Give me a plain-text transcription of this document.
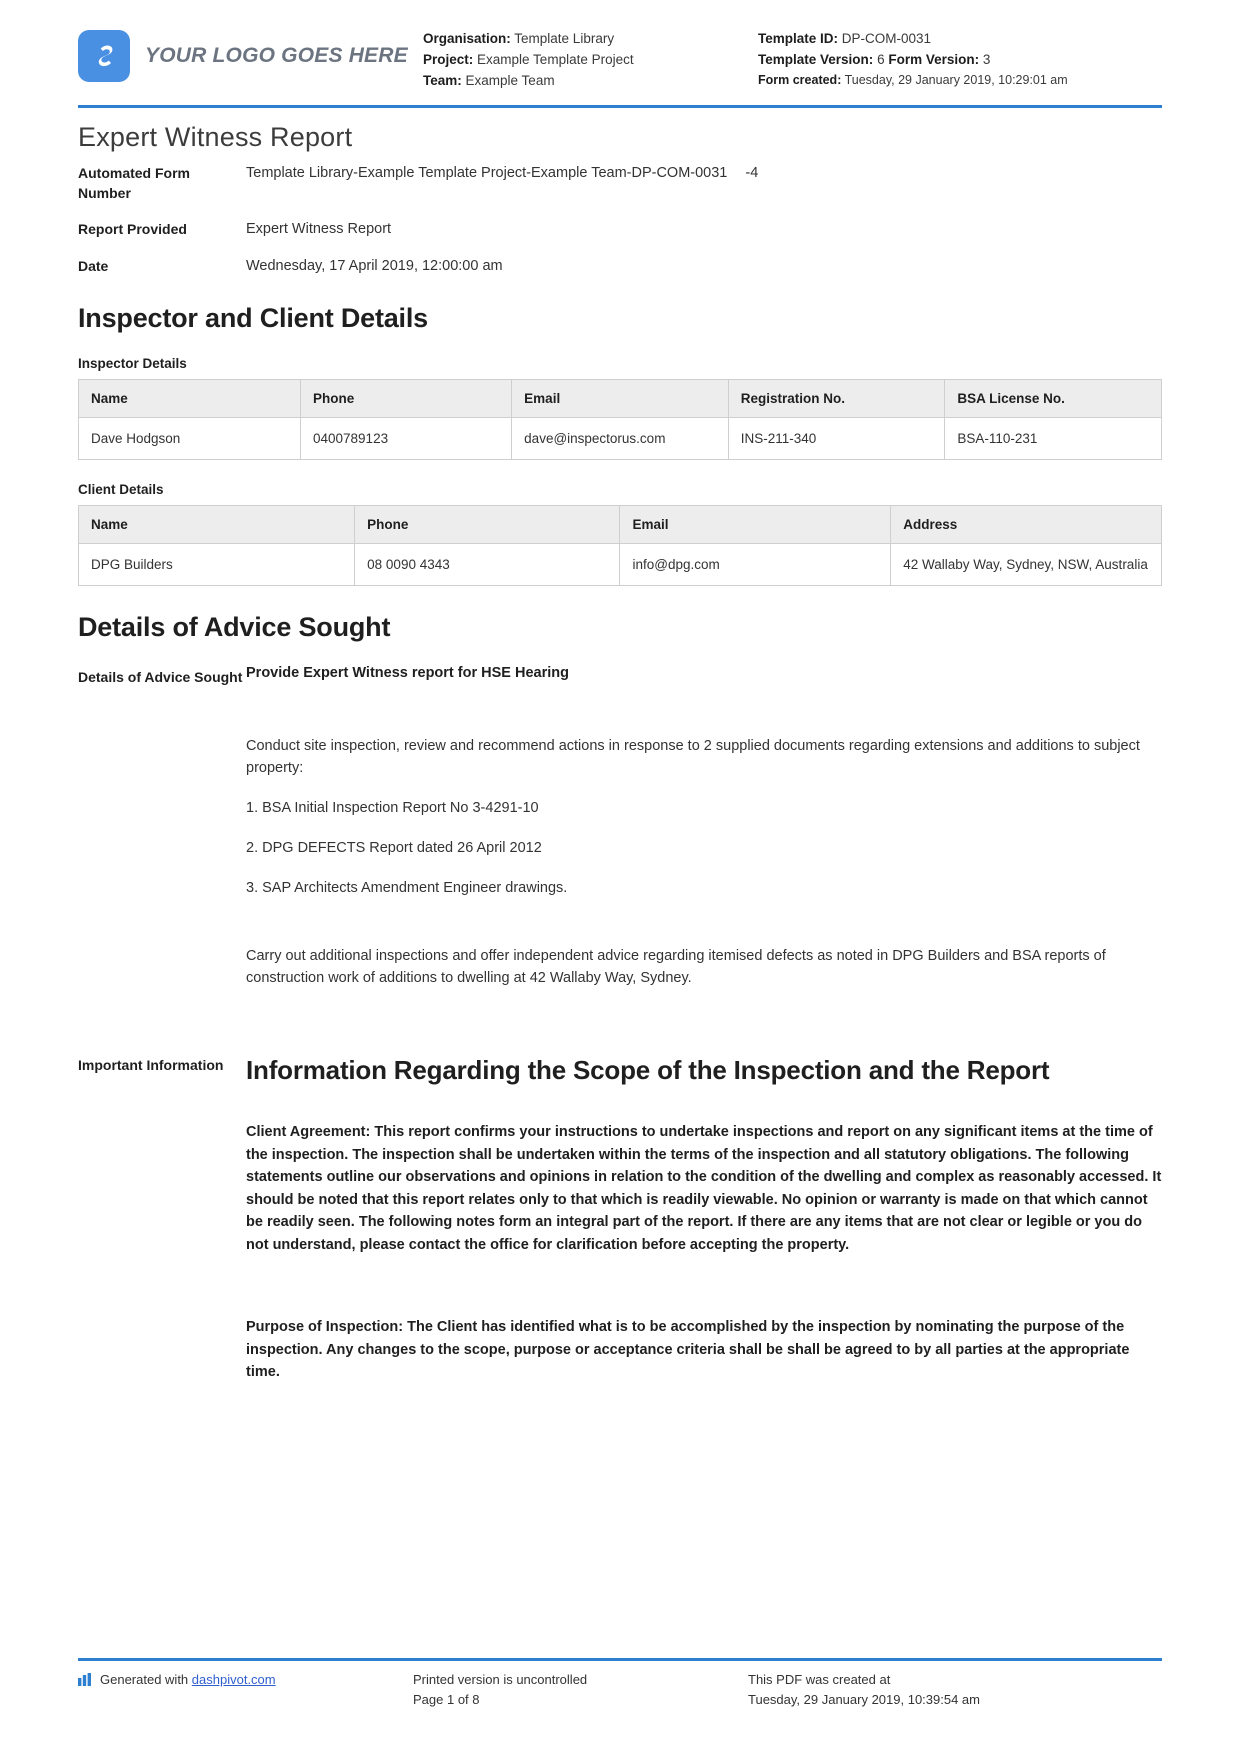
YOUR LOGO GOES HERE
Organisation: Template Library
Project: Example Template Project
Team: Example Team
Template ID: DP-COM-0031
Template Version: 6 Form Version: 3
Form created: Tuesday, 29 January 2019, 10:29:01 am
Expert Witness Report
Automated Form Number
Template Library-Example Template Project-Example Team-DP-COM-0031 -4
Report Provided	Expert Witness Report
Date	Wednesday, 17 April 2019, 12:00:00 am
Inspector and Client Details
Inspector Details
Name	Phone	Email	Registration No.	BSA License No.
Dave Hodgson	0400789123	dave@inspectorus.com	INS-211-340	BSA-110-231
Client Details
Name	Phone	Email	Address
DPG Builders	08 0090 4343	info@dpg.com	42 Wallaby Way, Sydney, NSW, Australia
Details of Advice Sought
Details of Advice Sought Provide Expert Witness report for HSE Hearing

Conduct site inspection, review and recommend actions in response to 2 supplied documents regarding extensions and additions to subject property:

1. BSA Initial Inspection Report No 3-4291-10

2. DPG DEFECTS Report dated 26 April 2012

3. SAP Architects Amendment Engineer drawings.

Carry out additional inspections and offer independent advice regarding itemised defects as noted in DPG Builders and BSA reports of construction work of additions to dwelling at 42 Wallaby Way, Sydney.

Important Information Information Regarding the Scope of the Inspection and the Report

Client Agreement: This report confirms your instructions to undertake inspections and report on any significant items at the time of the inspection. The inspection shall be undertaken within the terms of the inspection and all statutory obligations. The following statements outline our observations and opinions in relation to the condition of the dwelling and complex as reasonably accessed. It should be noted that this report relates only to that which is readily viewable. No opinion or warranty is made on that which cannot be readily seen. The following notes form an integral part of the report. If there are any items that are not clear or legible or you do not understand, please contact the office for clarification before accepting the property.

Purpose of Inspection: The Client has identified what is to be accomplished by the inspection by nominating the purpose of the inspection. Any changes to the scope, purpose or acceptance criteria shall be shall be agreed to by all parties at the appropriate time.

Generated with dashpivot.com	Printed version is uncontrolled
Page 1 of 8
This PDF was created at
Tuesday, 29 January 2019, 10:39:54 am
